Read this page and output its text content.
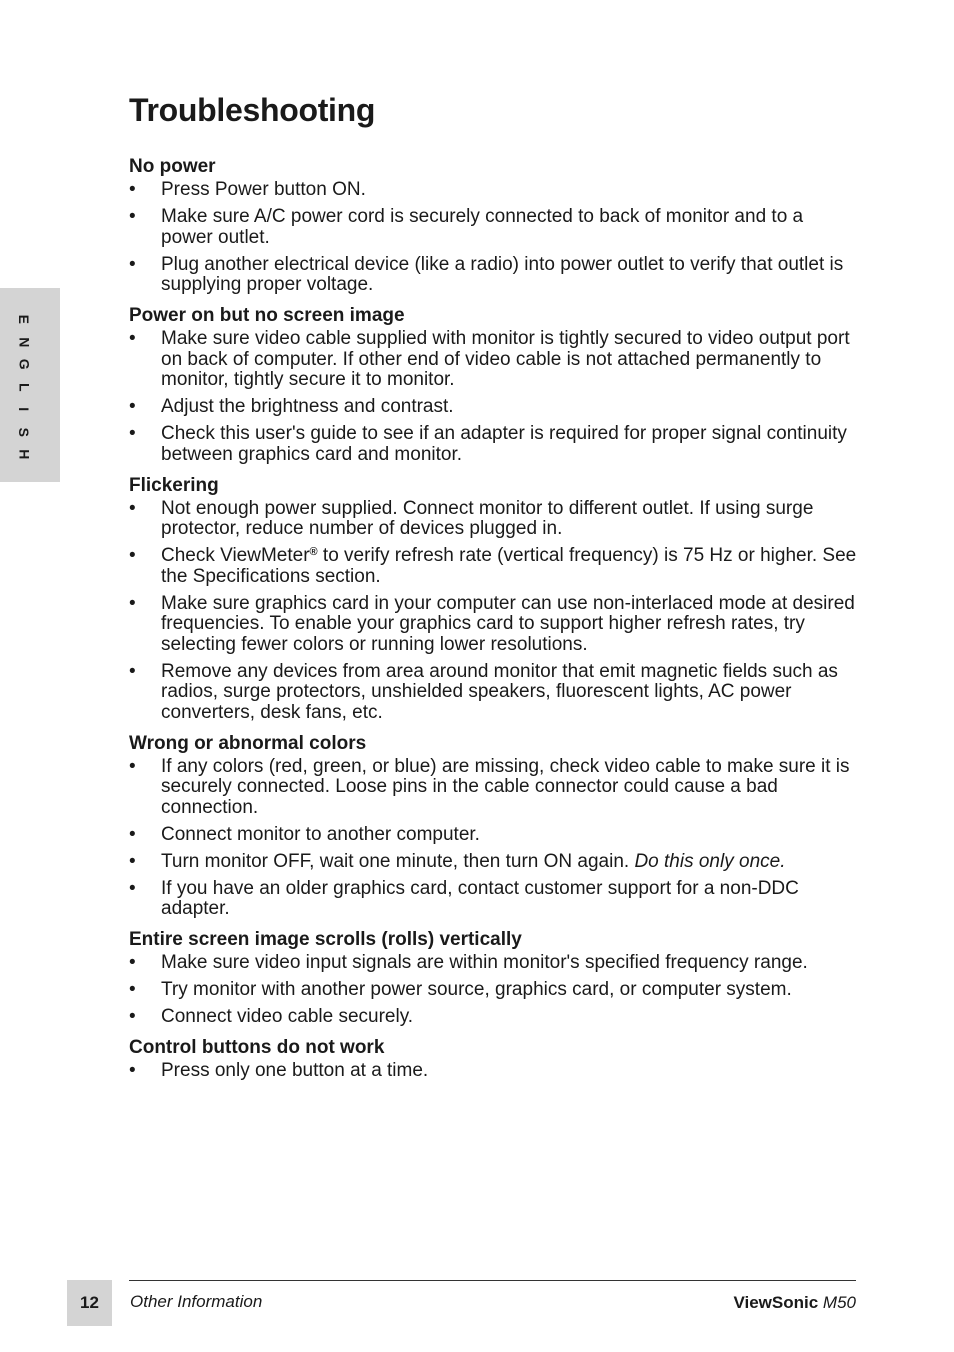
E
N
G
L
I
S
H
Troubleshooting
No power
• Press Power button ON.
• Make sure A/C power cord is securely connected to back of monitor and to a power outlet.
• Plug another electrical device (like a radio) into power outlet to verify that outlet is supplying proper voltage.
Power on but no screen image
• Make sure video cable supplied with monitor is tightly secured to video output port on back of computer. If other end of video cable is not attached permanently to monitor, tightly secure it to monitor.
• Adjust the brightness and contrast.
• Check this user's guide to see if an adapter is required for proper signal continuity between graphics card and monitor.
Flickering
• Not enough power supplied. Connect monitor to different outlet. If using surge protector, reduce number of devices plugged in.
• Check ViewMeter® to verify refresh rate (vertical frequency) is 75 Hz or higher. See the Specifications section.
• Make sure graphics card in your computer can use non-interlaced mode at desired frequencies. To enable your graphics card to support higher refresh rates, try selecting fewer colors or running lower resolutions.
• Remove any devices from area around monitor that emit magnetic fields such as radios, surge protectors, unshielded speakers, fluorescent lights, AC power converters, desk fans, etc.
Wrong or abnormal colors
• If any colors (red, green, or blue) are missing, check video cable to make sure it is securely connected. Loose pins in the cable connector could cause a bad connection.
• Connect monitor to another computer.
• Turn monitor OFF, wait one minute, then turn ON again. Do this only once.
• If you have an older graphics card, contact customer support for a non-DDC adapter.
Entire screen image scrolls (rolls) vertically
• Make sure video input signals are within monitor's specified frequency range.
• Try monitor with another power source, graphics card, or computer system.
• Connect video cable securely.
Control buttons do not work
• Press only one button at a time.
12	Other Information	ViewSonic M50
